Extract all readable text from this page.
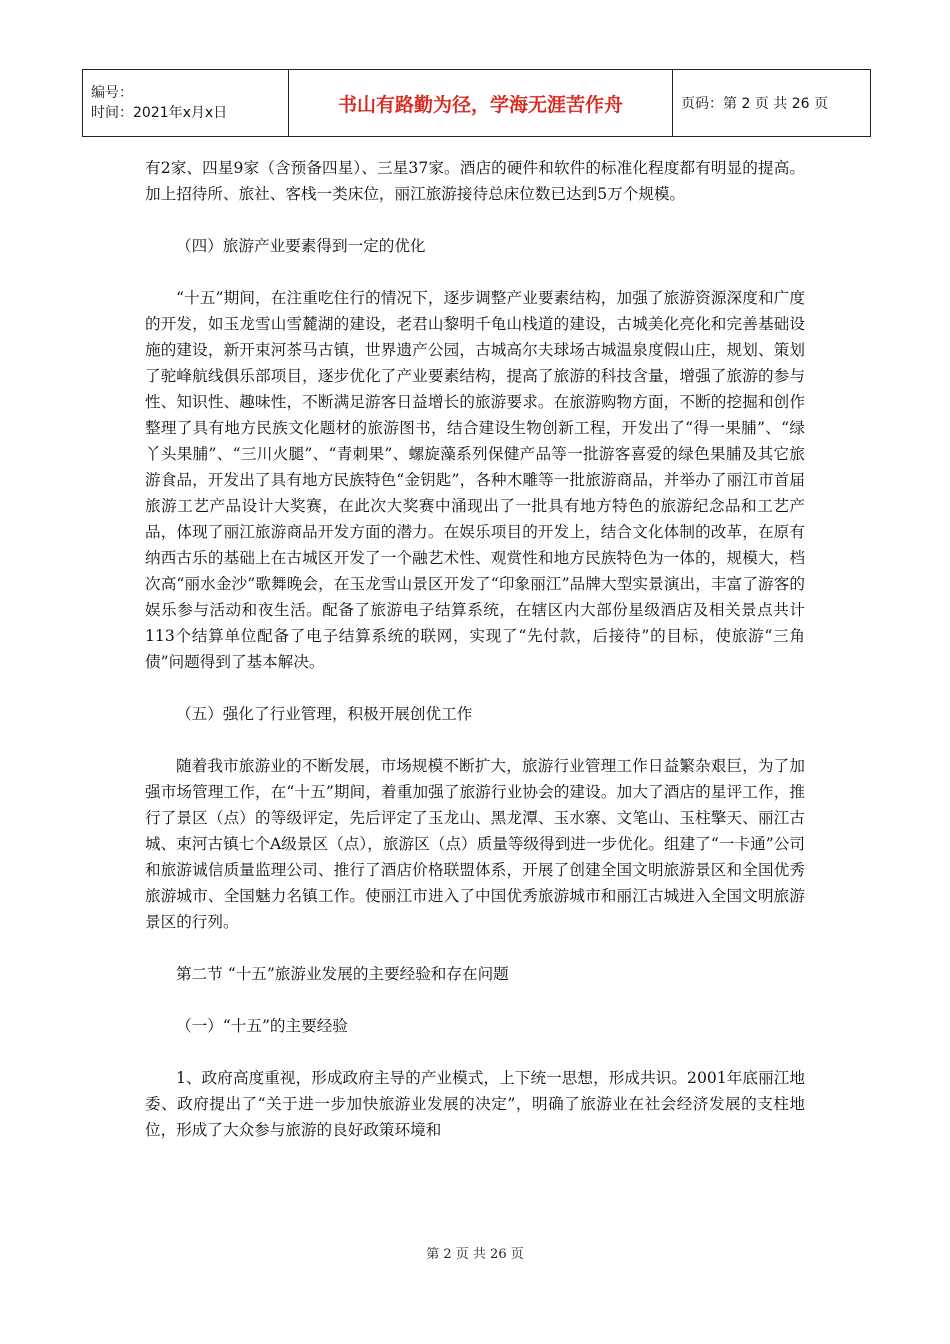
编号：
时间：2021年x月x日	书山有路勤为径，学海无涯苦作舟	页码：第 2 页 共 26 页

有2家、四星9家（含预备四星）、三星37家。酒店的硬件和软件的标准化程度都有明显的提高。加上招待所、旅社、客栈一类床位，丽江旅游接待总床位数已达到5万个规模。

（四）旅游产业要素得到一定的优化

“十五”期间，在注重吃住行的情况下，逐步调整产业要素结构，加强了旅游资源深度和广度的开发，如玉龙雪山雪麓湖的建设，老君山黎明千龟山栈道的建设，古城美化亮化和完善基础设施的建设，新开束河茶马古镇，世界遗产公园，古城高尔夫球场古城温泉度假山庄，规划、策划了驼峰航线俱乐部项目，逐步优化了产业要素结构，提高了旅游的科技含量，增强了旅游的参与性、知识性、趣味性，不断满足游客日益增长的旅游要求。在旅游购物方面，不断的挖掘和创作整理了具有地方民族文化题材的旅游图书，结合建设生物创新工程，开发出了“得一果脯”、“绿丫头果脯”、“三川火腿”、“青刺果”、螺旋藻系列保健产品等一批游客喜爱的绿色果脯及其它旅游食品，开发出了具有地方民族特色“金钥匙”，各种木雕等一批旅游商品，并举办了丽江市首届旅游工艺产品设计大奖赛，在此次大奖赛中涌现出了一批具有地方特色的旅游纪念品和工艺产品，体现了丽江旅游商品开发方面的潜力。在娱乐项目的开发上，结合文化体制的改革，在原有纳西古乐的基础上在古城区开发了一个融艺术性、观赏性和地方民族特色为一体的，规模大，档次高“丽水金沙”歌舞晚会，在玉龙雪山景区开发了“印象丽江”品牌大型实景演出，丰富了游客的娱乐参与活动和夜生活。配备了旅游电子结算系统，在辖区内大部份星级酒店及相关景点共计113个结算单位配备了电子结算系统的联网，实现了“先付款，后接待”的目标，使旅游“三角债”问题得到了基本解决。

（五）强化了行业管理，积极开展创优工作

随着我市旅游业的不断发展，市场规模不断扩大，旅游行业管理工作日益繁杂艰巨，为了加强市场管理工作，在“十五”期间，着重加强了旅游行业协会的建设。加大了酒店的星评工作，推行了景区（点）的等级评定，先后评定了玉龙山、黑龙潭、玉水寨、文笔山、玉柱擎天、丽江古城、束河古镇七个A级景区（点），旅游区（点）质量等级得到进一步优化。组建了“一卡通”公司和旅游诚信质量监理公司、推行了酒店价格联盟体系，开展了创建全国文明旅游景区和全国优秀旅游城市、全国魅力名镇工作。使丽江市进入了中国优秀旅游城市和丽江古城进入全国文明旅游景区的行列。

第二节 “十五”旅游业发展的主要经验和存在问题

（一）“十五”的主要经验

1、政府高度重视，形成政府主导的产业模式，上下统一思想，形成共识。2001年底丽江地委、政府提出了“关于进一步加快旅游业发展的决定”，明确了旅游业在社会经济发展的支柱地位，形成了大众参与旅游的良好政策环境和

第 2 页 共 26 页
